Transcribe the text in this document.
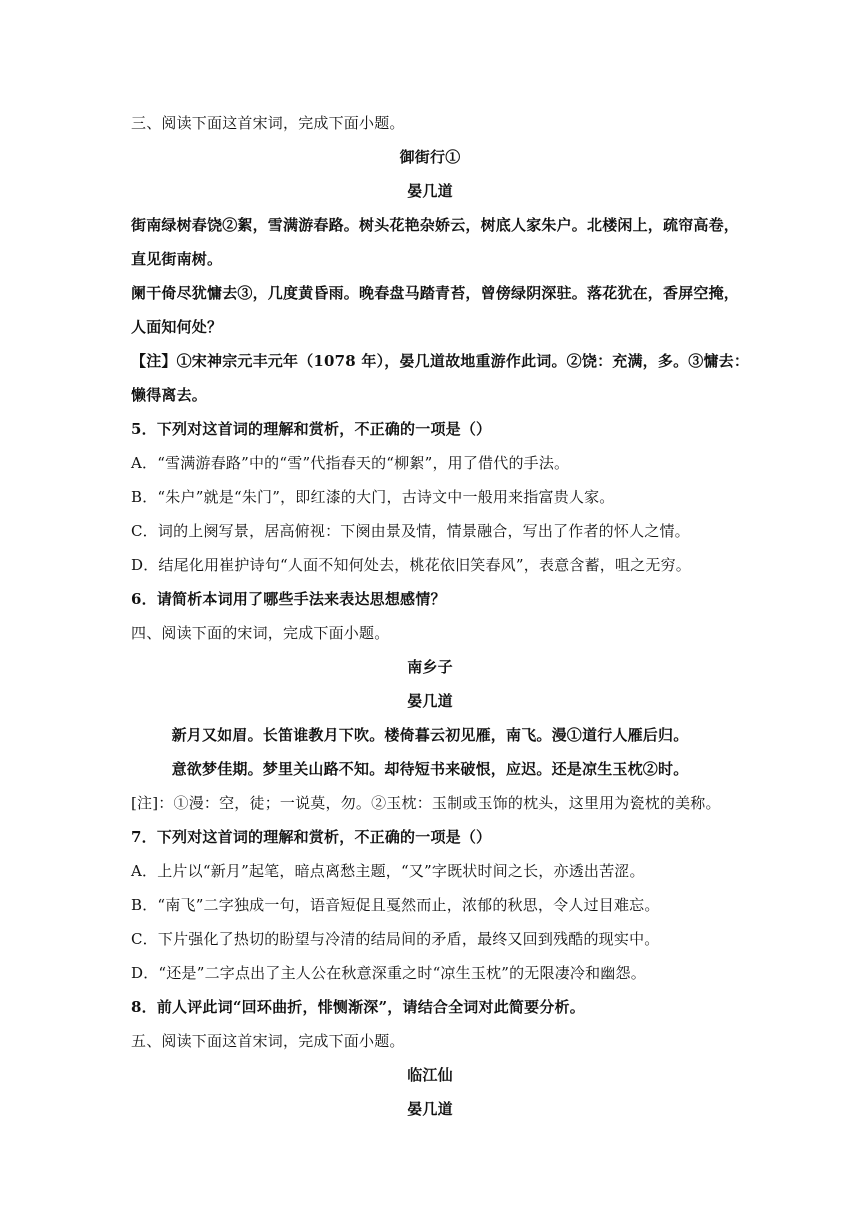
三、阅读下面这首宋词，完成下面小题。
御街行①
晏几道
街南绿树春饶②絮，雪满游春路。树头花艳杂娇云，树底人家朱户。北楼闲上，疏帘高卷，
直见街南树。
阑干倚尽犹慵去③，几度黄昏雨。晚春盘马踏青苔，曾傍绿阴深驻。落花犹在，香屏空掩，
人面知何处？
【注】①宋神宗元丰元年（1078 年），晏几道故地重游作此词。②饶：充满，多。③慵去：
懒得离去。
5．下列对这首词的理解和赏析，不正确的一项是（）
A．“雪满游春路”中的“雪”代指春天的“柳絮”，用了借代的手法。
B．“朱户”就是“朱门”，即红漆的大门，古诗文中一般用来指富贵人家。
C．词的上阕写景，居高俯视：下阕由景及情，情景融合，写出了作者的怀人之情。
D．结尾化用崔护诗句“人面不知何处去，桃花依旧笑春风”，表意含蓄，咀之无穷。
6．请简析本词用了哪些手法来表达思想感情？
四、阅读下面的宋词，完成下面小题。
南乡子
晏几道
新月又如眉。长笛谁教月下吹。楼倚暮云初见雁，南飞。漫①道行人雁后归。
意欲梦佳期。梦里关山路不知。却待短书来破恨，应迟。还是凉生玉枕②时。
[注]：①漫：空，徒；一说莫，勿。②玉枕：玉制或玉饰的枕头，这里用为瓷枕的美称。
7．下列对这首词的理解和赏析，不正确的一项是（）
A．上片以“新月”起笔，暗点离愁主题，“又”字既状时间之长，亦透出苦涩。
B．“南飞”二字独成一句，语音短促且戛然而止，浓郁的秋思，令人过目难忘。
C．下片强化了热切的盼望与冷清的结局间的矛盾，最终又回到残酷的现实中。
D．“还是”二字点出了主人公在秋意深重之时“凉生玉枕”的无限凄冷和幽怨。
8．前人评此词“回环曲折，悱恻渐深”，请结合全词对此简要分析。
五、阅读下面这首宋词，完成下面小题。
临江仙
晏几道
